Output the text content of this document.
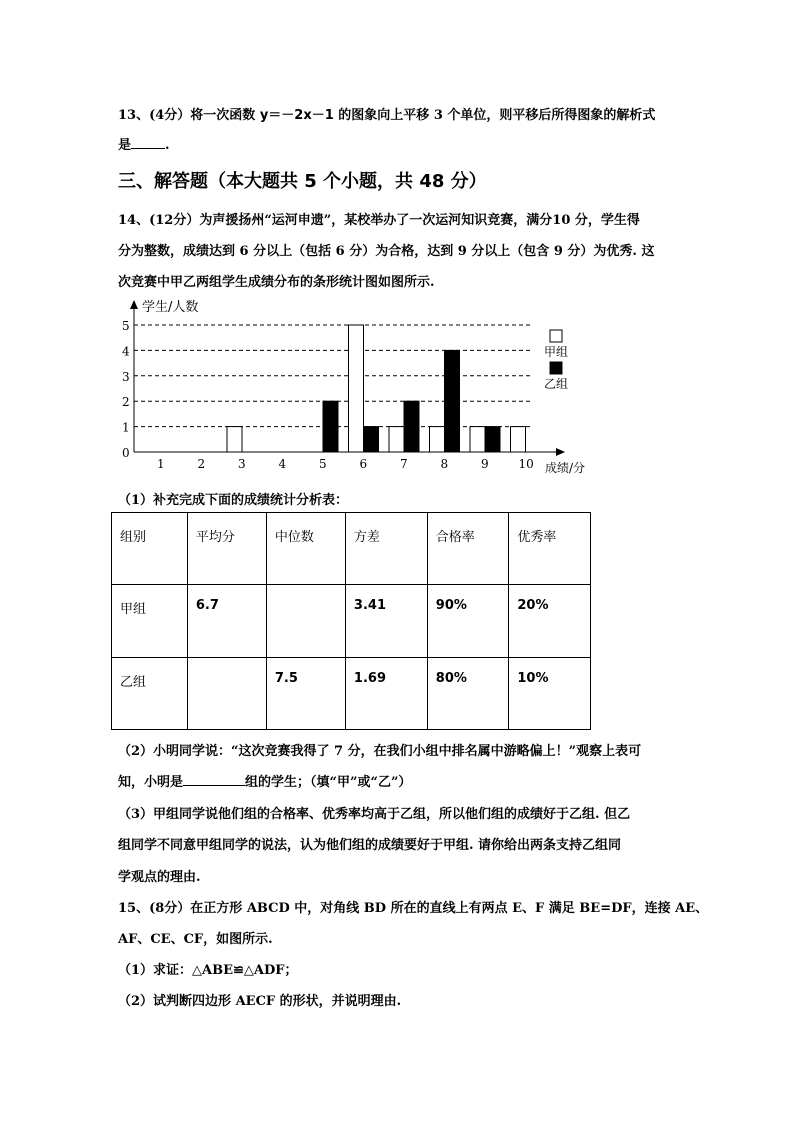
13、(4分）将一次函数 y＝－2x－1 的图象向上平移 3 个单位，则平移后所得图象的解析式
是	.
三、解答题（本大题共 5 个小题，共 48 分）
14、(12分）为声援扬州“运河申遗”，某校举办了一次运河知识竞赛，满分10 分，学生得
分为整数，成绩达到 6 分以上（包括 6 分）为合格，达到 9 分以上（包含 9 分）为优秀. 这
次竞赛中甲乙两组学生成绩分布的条形统计图如图所示.
学生/人数
成绩/分
0
1
2
3
4
5
1	2	3	4	5	6	7	8	9 10
甲组
乙组
（1）补充完成下面的成绩统计分析表：
组别	平均分	中位数	方差	合格率	优秀率
甲组	6.7		3.41	90%	20%
乙组		7.5	1.69	80%	10%
（2）小明同学说：“这次竞赛我得了 7 分，在我们小组中排名属中游略偏上！”观察上表可
知，小明是	组的学生；（填“甲”或“乙”）
（3）甲组同学说他们组的合格率、优秀率均高于乙组，所以他们组的成绩好于乙组. 但乙
组同学不同意甲组同学的说法，认为他们组的成绩要好于甲组. 请你给出两条支持乙组同
学观点的理由.
15、(8分）在正方形 ABCD 中，对角线 BD 所在的直线上有两点 E、F 满足 BE=DF，连接 AE、
AF、CE、CF，如图所示.
（1）求证：△ABE≌△ADF；
（2）试判断四边形 AECF 的形状，并说明理由.
